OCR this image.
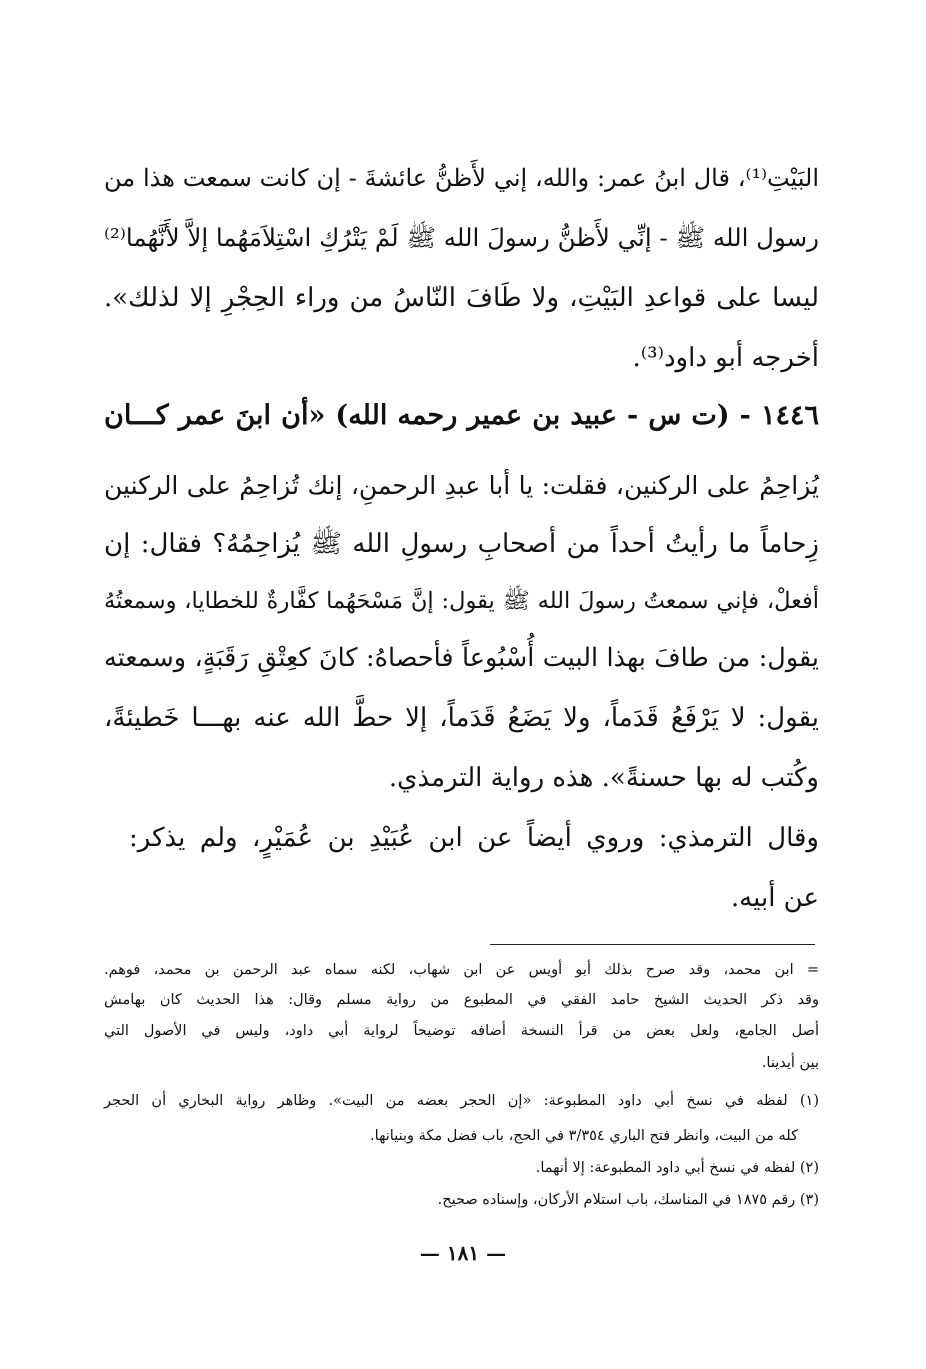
البَيْتِ⁽¹⁾، قال ابنُ عمر: والله، إني لأَظنُّ عائشةَ - إن كانت سمعت هذا من
رسول الله ﷺ - إنِّي لأَظنُّ رسولَ الله ﷺ لَمْ يَتْرُكِ اسْتِلاَمَهُما إلاَّ لأَنَّهُما⁽²⁾
ليسا على قواعدِ البَيْتِ، ولا طَافَ النّاسُ من وراء الحِجْرِ إلا لذلك».
أخرجه أبو داود⁽³⁾.
١٤٤٦ - (ت س - عبيد بن عمير رحمه الله) «أن ابنَ عمر كـــان
يُزاحِمُ على الركنين، فقلت: يا أبا عبدِ الرحمنِ، إنك تُزاحِمُ على الركنين
زِحاماً ما رأيتُ أحداً من أصحابِ رسولِ الله ﷺ يُزاحِمُهُ؟ فقال: إن
أفعلْ، فإني سمعتُ رسولَ الله ﷺ يقول: إنَّ مَسْحَهُما كفَّارةٌ للخطايا، وسمعتُهُ
يقول: من طافَ بهذا البيت أُسْبُوعاً فأحصاهُ: كانَ كعِتْقِ رَقَبَةٍ، وسمعته
يقول: لا يَرْفَعُ قَدَماً، ولا يَضَعُ قَدَماً، إلا حطَّ الله عنه بهـــا خَطيئةً،
وكُتب له بها حسنةً». هذه رواية الترمذي.
وقال الترمذي: وروي أيضاً عن ابن عُبَيْدِ بن عُمَيْرٍ، ولم يذكر:
عن أبيه.
= ابن محمد، وقد صرح بذلك أبو أويس عن ابن شهاب، لكنه سماه عبد الرحمن بن محمد، فوهم.
وقد ذكر الحديث الشيخ حامد الفقي في المطبوع من رواية مسلم وقال: هذا الحديث كان بهامش
أصل الجامع، ولعل بعض من قرأ النسخة أضافه توضيحاً لرواية أبي داود، وليس في الأصول التي
بين أيدينا.
(١) لفظه في نسخ أبي داود المطبوعة: «إن الحجر بعضه من البيت». وظاهر رواية البخاري أن الحجر
كله من البيت، وانظر فتح الباري ٣/٣٥٤ في الحج، باب فضل مكة وبنيانها.
(٢) لفظه في نسخ أبي داود المطبوعة: إلا أنهما.
(٣) رقم ١٨٧٥ في المناسك، باب استلام الأركان، وإسناده صحيح.
— ١٨١ —
